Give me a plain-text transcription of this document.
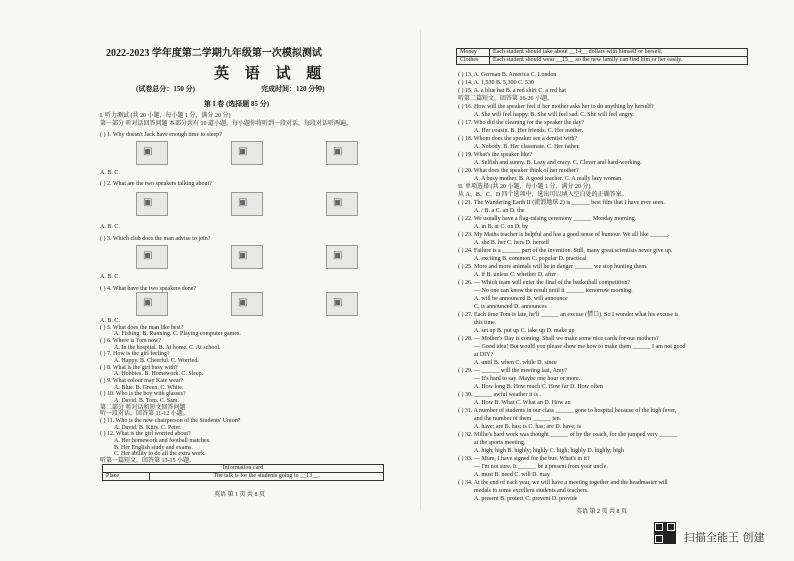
2022-2023 学年度第二学期九年级第一次模拟测试
英 语 试 题
(试卷总分：150 分)	完成时间：120 分钟)
第 I 卷 (选择题 85 分)
I. 听力测试 (共 20 小题，每小题 1 分，满分 20 分)
第一部分 听对话回答问题 本部分共有 10 道小题，每小题你将听到一段对话，每段对话听两遍。
( ) 1. Why doesn't Jack have enough time to sleep?
A. B. C.
( ) 2. What are the two speakers talking about?
A. B. C.
( ) 3. Which club does the man advise to join?
A. B. C.
( ) 4. What have the two speakers done?
A. B. C.
( ) 5. What does the man like best?
A. Fishing. B. Running. C. Playing computer games.
( ) 6. Where is Tom now?
A. In the hospital. B. At home. C. At school.
( ) 7. How is the girl feeling?
A. Happy. B. Cheerful. C. Worried.
( ) 8. What is the girl busy with?
A. Hobbies. B. Homework. C. Sleep.
( ) 9. What colour may Kate wear?
A. Blue. B. Green. C. White.
( ) 10. Who is the boy with glasses?
A. David. B. Tom. C. Sam.
第二部分 听对话和短文回答问题
听一段对话，回答第 11-12 小题。
( ) 11. Who is the new chairperson of the Students' Union?
A. David. B. Kitty. C. Peter.
( ) 12. What is the girl worried about?
A. Her homework and football matches.
B. Her English study and exams.
C. Her ability to do all the extra work.
听第一篇短文，回答第 13-15 小题。
▣	▣	▣
▣	▣	▣
▣	▣	▣
▣	▣	▣
Information card
Place	The talk is for the students going to __13__.
英语 第 1 页 共 8 页
Money	Each student should take about __14__ dollars with himself or herself.
Clothes	Each student should wear __15__ so the new family can find him or her easily.
( ) 13. A. German B. America C. London
( ) 14. A. 1,530 B. 5,300 C. 530
( ) 15. A. a blue hat B. a red shirt C. a red hat
听第二篇短文，回答第 16-20 小题。
( ) 16. How will the speaker feel if her mother asks her to do anything by herself?
A. She will feel happy. B. She will feel sad. C. She will feel angry.
( ) 17. Who did the cleaning for the speaker the day?
A. Her cousin. B. Her friends. C. Her mother.
( ) 18. Whom does the speaker see a dentist with?
A. Nobody. B. Her classmate. C. Her father.
( ) 19. What's the speaker like?
A. Selfish and sunny. B. Lazy and crazy. C. Clever and hard-working.
( ) 20. What does the speaker think of her mother?
A. A busy mother. B. A good teacher. C. A really lazy woman.
II. 单项选择 (共 20 小题，每小题 1 分，满分 20 分)
从 A、B、C、D 四个选项中，选出可以填入空白处的正确答案。
( ) 21. The Wandering Earth II (流浪地球 2) is ______ best film that I have ever seen.
A. / B. a C. an D. the
( ) 22. We usually have a flag-raising ceremony ______ Monday morning.
A. in B. at C. on D. by
( ) 23. My Maths teacher is helpful and has a good sense of humour. We all like ______.
A. she B. her C. hers D. herself
( ) 24. Failure is a ______ part of the invention. Still, many great scientists never give up.
A. exciting B. common C. popular D. practical
( ) 25. More and more animals will be in danger ______ we stop hunting them.
A. if B. unless C. whether D. after
( ) 26. --- Which team will enter the final of the basketball competition?
--- No one can know the result until it ______ tomorrow morning.
A. will be announced B. will announce
C. is announced D. announces
( ) 27. Each time Tom is late, he'll ______ an excuse (借口). So I wonder what his excuse is
this time.
A. set up B. put up C. take up D. make up
( ) 28. --- Mother's Day is coming. Shall we make some nice cards for our mothers?
--- Good idea! But would you please show me how to make them ______ I am not good
at DIY?
A. until B. when C. while D. since
( ) 29. --- ______ will the meeting last, Amy?
--- It's hard to say. Maybe one hour or more.
A. How long B. How much C. How far D. How often
( ) 30. ______ awful weather it is .
A. How B. What C. What an D. How an
( ) 31. A number of students in our class ______ gone to hospital because of the high fever,
and the number of them ______ ten.
A. have; are B. has; is C. has; are D. have; is
( ) 32. Millie's hard work was thought ______ of by the coach, for she jumped very ______
at the sports meeting.
A. high; high B. highly; highly C. high; highly D. highly; high
( ) 33. --- Mum, I have signed for the bus. What's in it?
--- I'm not sure. It ______ be a present from your uncle.
A. must B. need C. will D. may
( ) 34. At the end of each year, we will have a meeting together and the headmaster will
medals to some excellent students and teachers.
A. present B. protect C. prevent D. provide
英语 第 2 页 共 8 页
扫描全能王 创建
